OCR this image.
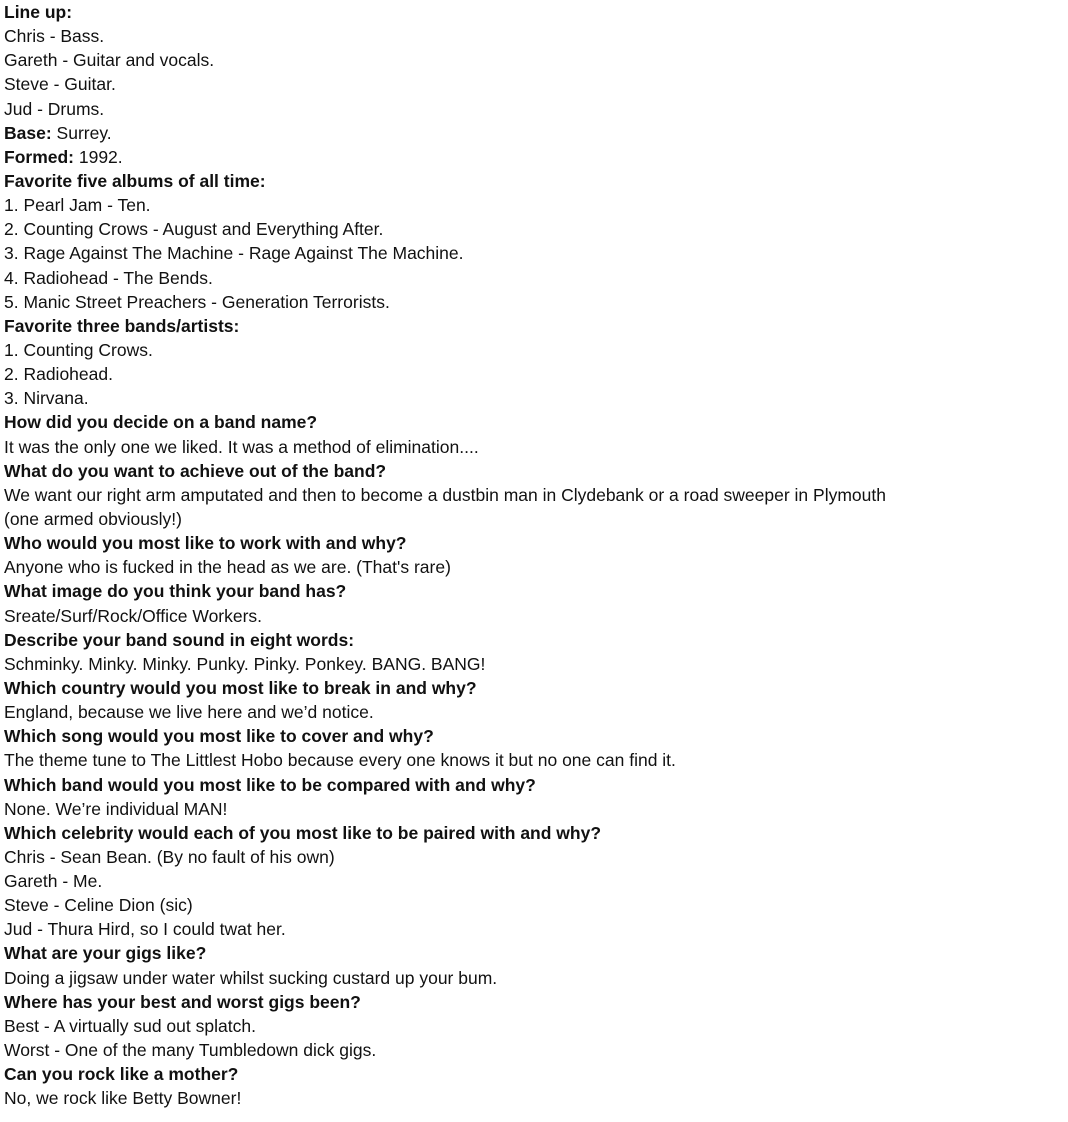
Line up:
Chris - Bass.
Gareth - Guitar and vocals.
Steve - Guitar.
Jud - Drums.
Base: Surrey.
Formed: 1992.
Favorite five albums of all time:
1. Pearl Jam - Ten.
2. Counting Crows - August and Everything After.
3. Rage Against The Machine - Rage Against The Machine.
4. Radiohead - The Bends.
5. Manic Street Preachers - Generation Terrorists.
Favorite three bands/artists:
1. Counting Crows.
2. Radiohead.
3. Nirvana.
How did you decide on a band name?
It was the only one we liked. It was a method of elimination....
What do you want to achieve out of the band?
We want our right arm amputated and then to become a dustbin man in Clydebank or a road sweeper in Plymouth
(one armed obviously!)
Who would you most like to work with and why?
Anyone who is fucked in the head as we are. (That's rare)
What image do you think your band has?
Sreate/Surf/Rock/Office Workers.
Describe your band sound in eight words:
Schminky. Minky. Minky. Punky. Pinky. Ponkey. BANG. BANG!
Which country would you most like to break in and why?
England, because we live here and we’d notice.
Which song would you most like to cover and why?
The theme tune to The Littlest Hobo because every one knows it but no one can find it.
Which band would you most like to be compared with and why?
None. We’re individual MAN!
Which celebrity would each of you most like to be paired with and why?
Chris - Sean Bean. (By no fault of his own)
Gareth - Me.
Steve - Celine Dion (sic)
Jud - Thura Hird, so I could twat her.
What are your gigs like?
Doing a jigsaw under water whilst sucking custard up your bum.
Where has your best and worst gigs been?
Best - A virtually sud out splatch.
Worst - One of the many Tumbledown dick gigs.
Can you rock like a mother?
No, we rock like Betty Bowner!
